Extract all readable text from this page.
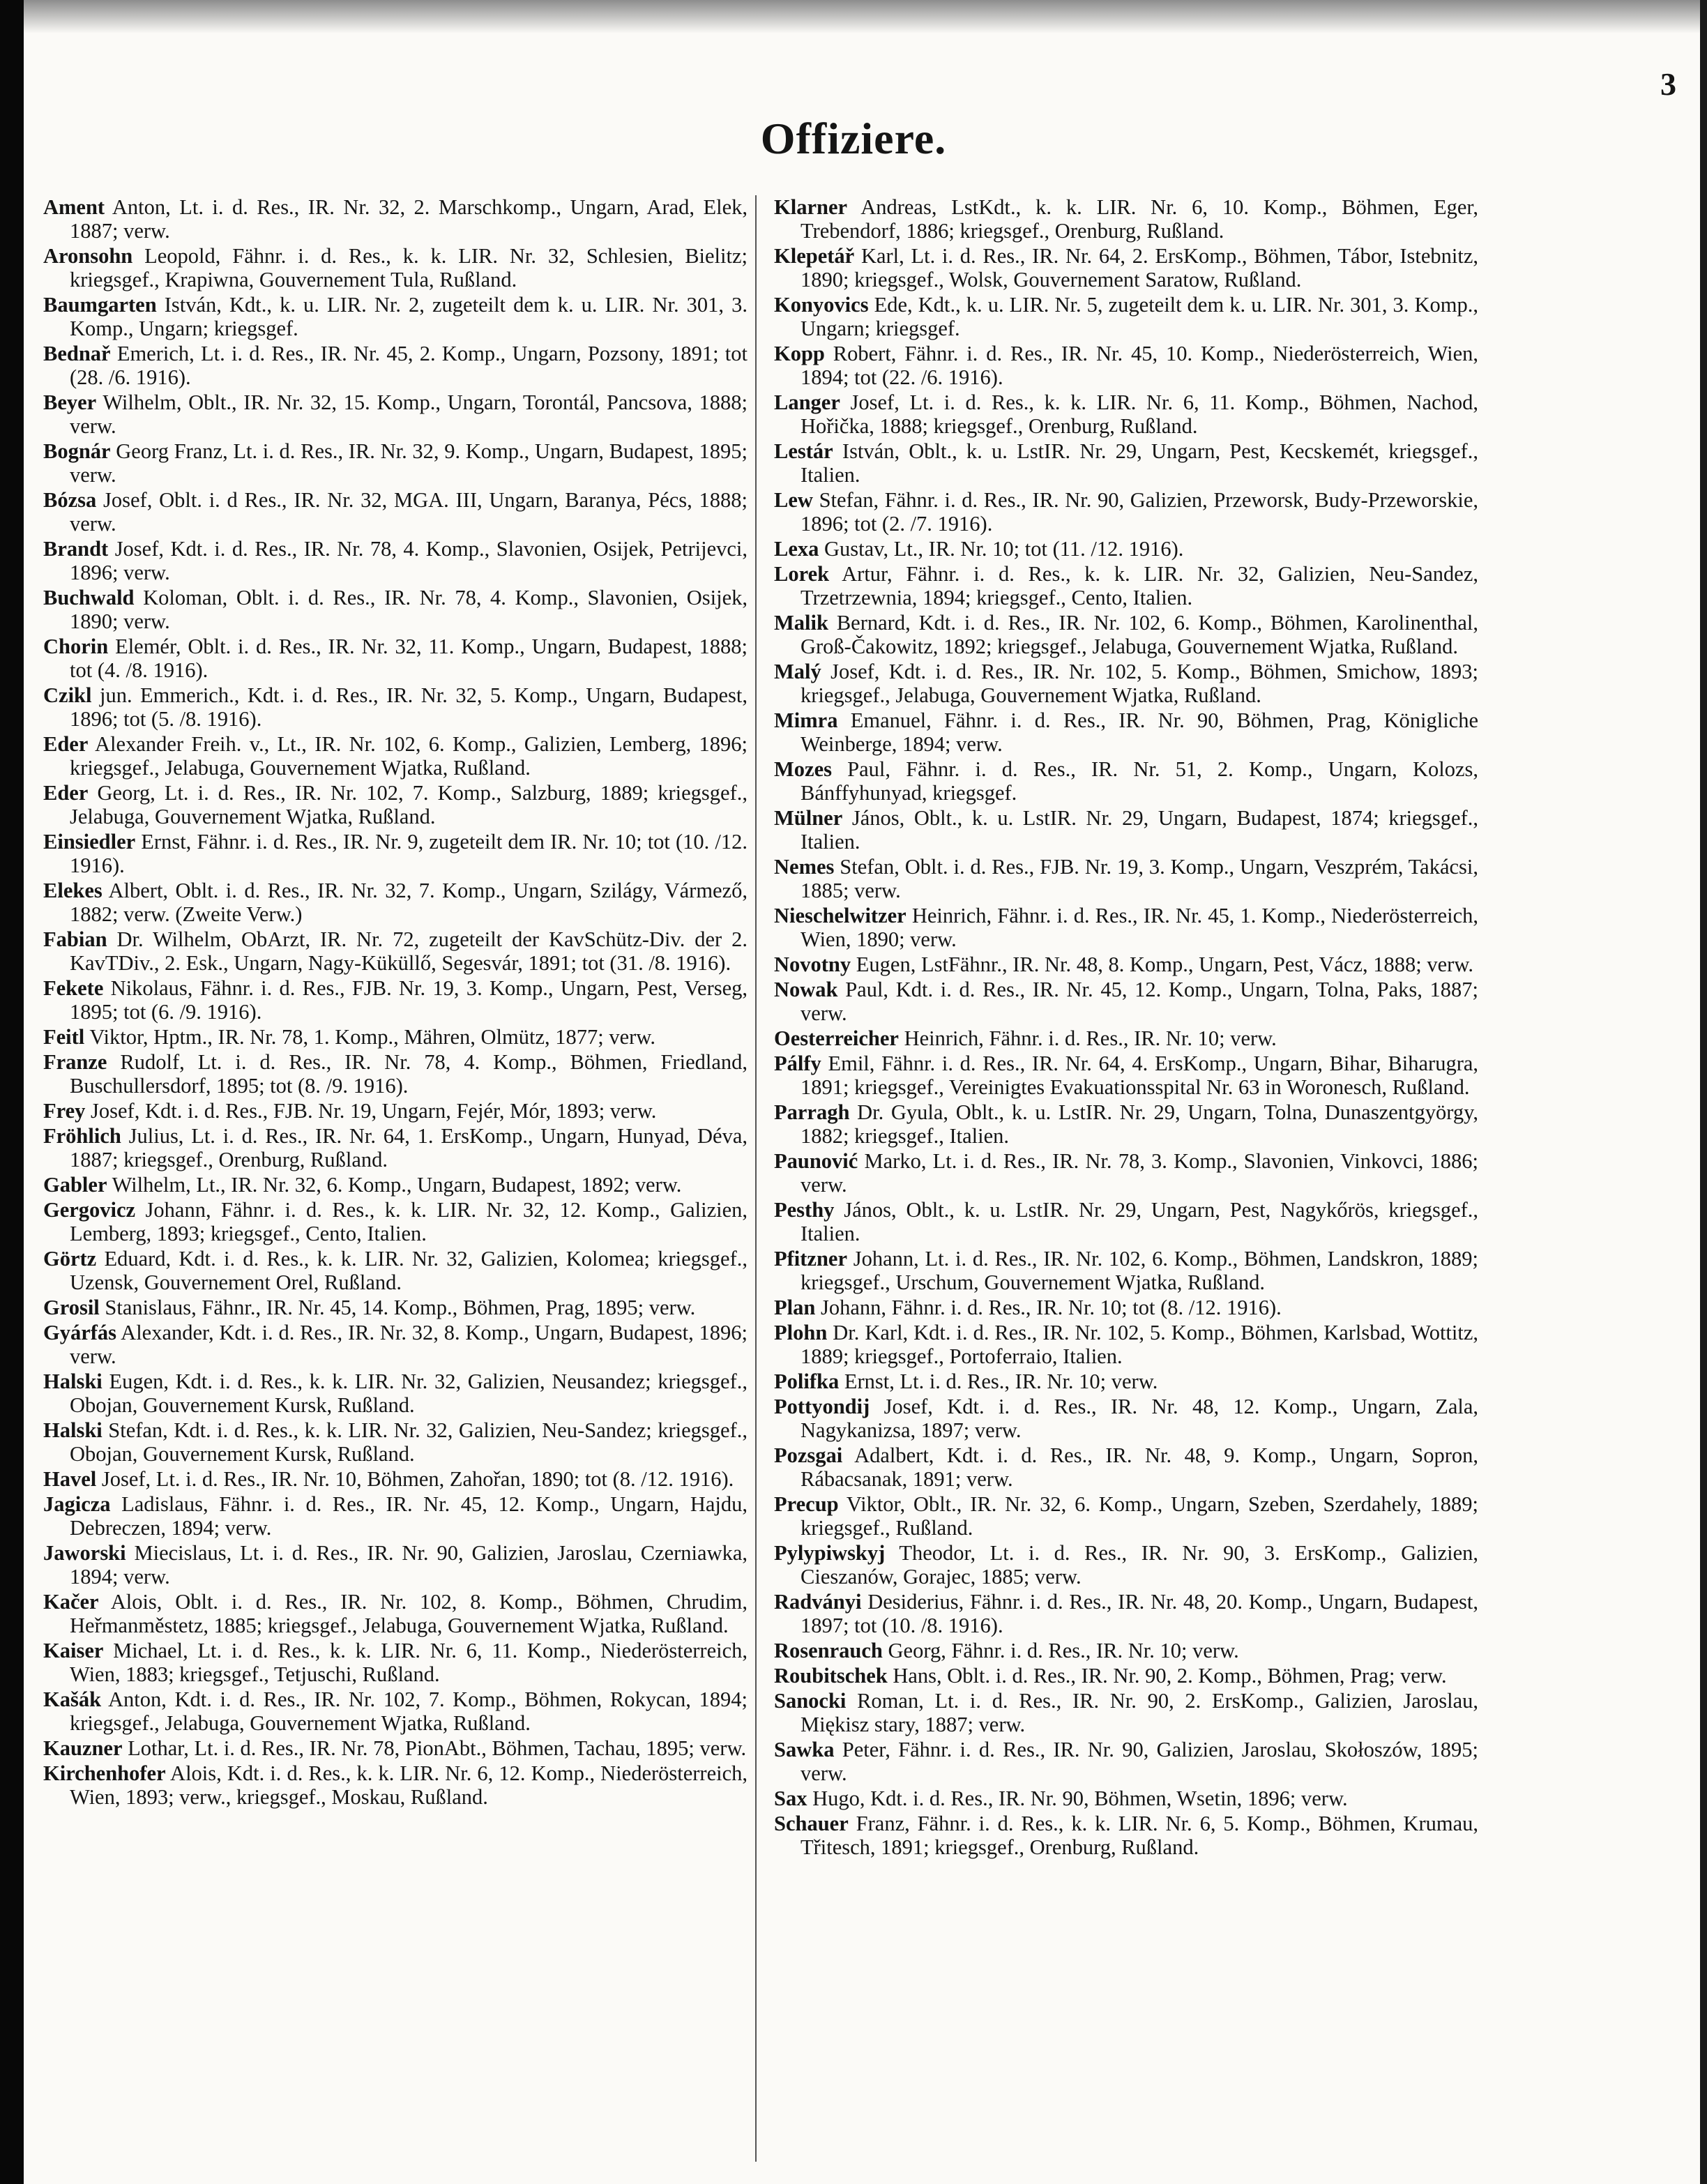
3
Offiziere.

Ament Anton, Lt. i. d. Res., IR. Nr. 32, 2. Marschkomp., Ungarn, Arad, Elek, 1887; verw.

Aronsohn Leopold, Fähnr. i. d. Res., k. k. LIR. Nr. 32, Schlesien, Bielitz; kriegsgef., Krapiwna, Gouvernement Tula, Rußland.

Baumgarten István, Kdt., k. u. LIR. Nr. 2, zugeteilt dem k. u. LIR. Nr. 301, 3. Komp., Ungarn; kriegsgef.

Bednař Emerich, Lt. i. d. Res., IR. Nr. 45, 2. Komp., Ungarn, Pozsony, 1891; tot (28. /6. 1916).

Beyer Wilhelm, Oblt., IR. Nr. 32, 15. Komp., Ungarn, Torontál, Pancsova, 1888; verw.

Bognár Georg Franz, Lt. i. d. Res., IR. Nr. 32, 9. Komp., Ungarn, Budapest, 1895; verw.

Bózsa Josef, Oblt. i. d Res., IR. Nr. 32, MGA. III, Ungarn, Baranya, Pécs, 1888; verw.

Brandt Josef, Kdt. i. d. Res., IR. Nr. 78, 4. Komp., Slavonien, Osijek, Petrijevci, 1896; verw.

Buchwald Koloman, Oblt. i. d. Res., IR. Nr. 78, 4. Komp., Slavonien, Osijek, 1890; verw.

Chorin Elemér, Oblt. i. d. Res., IR. Nr. 32, 11. Komp., Ungarn, Budapest, 1888; tot (4. /8. 1916).

Czikl jun. Emmerich., Kdt. i. d. Res., IR. Nr. 32, 5. Komp., Ungarn, Budapest, 1896; tot (5. /8. 1916).

Eder Alexander Freih. v., Lt., IR. Nr. 102, 6. Komp., Galizien, Lemberg, 1896; kriegsgef., Jelabuga, Gouvernement Wjatka, Rußland.

Eder Georg, Lt. i. d. Res., IR. Nr. 102, 7. Komp., Salzburg, 1889; kriegsgef., Jelabuga, Gouvernement Wjatka, Rußland.

Einsiedler Ernst, Fähnr. i. d. Res., IR. Nr. 9, zugeteilt dem IR. Nr. 10; tot (10. /12. 1916).

Elekes Albert, Oblt. i. d. Res., IR. Nr. 32, 7. Komp., Ungarn, Szilágy, Vármező, 1882; verw. (Zweite Verw.)

Fabian Dr. Wilhelm, ObArzt, IR. Nr. 72, zugeteilt der KavSchütz-Div. der 2. KavTDiv., 2. Esk., Ungarn, Nagy-Küküllő, Segesvár, 1891; tot (31. /8. 1916).

Fekete Nikolaus, Fähnr. i. d. Res., FJB. Nr. 19, 3. Komp., Ungarn, Pest, Verseg, 1895; tot (6. /9. 1916).

Feitl Viktor, Hptm., IR. Nr. 78, 1. Komp., Mähren, Olmütz, 1877; verw.

Franze Rudolf, Lt. i. d. Res., IR. Nr. 78, 4. Komp., Böhmen, Friedland, Buschullersdorf, 1895; tot (8. /9. 1916).

Frey Josef, Kdt. i. d. Res., FJB. Nr. 19, Ungarn, Fejér, Mór, 1893; verw.

Fröhlich Julius, Lt. i. d. Res., IR. Nr. 64, 1. ErsKomp., Ungarn, Hunyad, Déva, 1887; kriegsgef., Orenburg, Rußland.

Gabler Wilhelm, Lt., IR. Nr. 32, 6. Komp., Ungarn, Budapest, 1892; verw.

Gergovicz Johann, Fähnr. i. d. Res., k. k. LIR. Nr. 32, 12. Komp., Galizien, Lemberg, 1893; kriegsgef., Cento, Italien.

Görtz Eduard, Kdt. i. d. Res., k. k. LIR. Nr. 32, Galizien, Kolomea; kriegsgef., Uzensk, Gouvernement Orel, Rußland.

Grosil Stanislaus, Fähnr., IR. Nr. 45, 14. Komp., Böhmen, Prag, 1895; verw.

Gyárfás Alexander, Kdt. i. d. Res., IR. Nr. 32, 8. Komp., Ungarn, Budapest, 1896; verw.

Halski Eugen, Kdt. i. d. Res., k. k. LIR. Nr. 32, Galizien, Neusandez; kriegsgef., Obojan, Gouvernement Kursk, Rußland.

Halski Stefan, Kdt. i. d. Res., k. k. LIR. Nr. 32, Galizien, Neu-Sandez; kriegsgef., Obojan, Gouvernement Kursk, Rußland.

Havel Josef, Lt. i. d. Res., IR. Nr. 10, Böhmen, Zahořan, 1890; tot (8. /12. 1916).

Jagicza Ladislaus, Fähnr. i. d. Res., IR. Nr. 45, 12. Komp., Ungarn, Hajdu, Debreczen, 1894; verw.

Jaworski Miecislaus, Lt. i. d. Res., IR. Nr. 90, Galizien, Jaroslau, Czerniawka, 1894; verw.

Kačer Alois, Oblt. i. d. Res., IR. Nr. 102, 8. Komp., Böhmen, Chrudim, Heřmanměstetz, 1885; kriegsgef., Jelabuga, Gouvernement Wjatka, Rußland.

Kaiser Michael, Lt. i. d. Res., k. k. LIR. Nr. 6, 11. Komp., Niederösterreich, Wien, 1883; kriegsgef., Tetjuschi, Rußland.

Kašák Anton, Kdt. i. d. Res., IR. Nr. 102, 7. Komp., Böhmen, Rokycan, 1894; kriegsgef., Jelabuga, Gouvernement Wjatka, Rußland.

Kauzner Lothar, Lt. i. d. Res., IR. Nr. 78, PionAbt., Böhmen, Tachau, 1895; verw.

Kirchenhofer Alois, Kdt. i. d. Res., k. k. LIR. Nr. 6, 12. Komp., Niederösterreich, Wien, 1893; verw., kriegsgef., Moskau, Rußland.

Klarner Andreas, LstKdt., k. k. LIR. Nr. 6, 10. Komp., Böhmen, Eger, Trebendorf, 1886; kriegsgef., Orenburg, Rußland.

Klepetář Karl, Lt. i. d. Res., IR. Nr. 64, 2. ErsKomp., Böhmen, Tábor, Istebnitz, 1890; kriegsgef., Wolsk, Gouvernement Saratow, Rußland.

Konyovics Ede, Kdt., k. u. LIR. Nr. 5, zugeteilt dem k. u. LIR. Nr. 301, 3. Komp., Ungarn; kriegsgef.

Kopp Robert, Fähnr. i. d. Res., IR. Nr. 45, 10. Komp., Niederösterreich, Wien, 1894; tot (22. /6. 1916).

Langer Josef, Lt. i. d. Res., k. k. LIR. Nr. 6, 11. Komp., Böhmen, Nachod, Hořička, 1888; kriegsgef., Orenburg, Rußland.

Lestár István, Oblt., k. u. LstIR. Nr. 29, Ungarn, Pest, Kecskemét, kriegsgef., Italien.

Lew Stefan, Fähnr. i. d. Res., IR. Nr. 90, Galizien, Przeworsk, Budy-Przeworskie, 1896; tot (2. /7. 1916).

Lexa Gustav, Lt., IR. Nr. 10; tot (11. /12. 1916).

Lorek Artur, Fähnr. i. d. Res., k. k. LIR. Nr. 32, Galizien, Neu-Sandez, Trzetrzewnia, 1894; kriegsgef., Cento, Italien.

Malik Bernard, Kdt. i. d. Res., IR. Nr. 102, 6. Komp., Böhmen, Karolinenthal, Groß-Čakowitz, 1892; kriegsgef., Jelabuga, Gouvernement Wjatka, Rußland.

Malý Josef, Kdt. i. d. Res., IR. Nr. 102, 5. Komp., Böhmen, Smichow, 1893; kriegsgef., Jelabuga, Gouvernement Wjatka, Rußland.

Mimra Emanuel, Fähnr. i. d. Res., IR. Nr. 90, Böhmen, Prag, Königliche Weinberge, 1894; verw.

Mozes Paul, Fähnr. i. d. Res., IR. Nr. 51, 2. Komp., Ungarn, Kolozs, Bánffyhunyad, kriegsgef.

Mülner János, Oblt., k. u. LstIR. Nr. 29, Ungarn, Budapest, 1874; kriegsgef., Italien.

Nemes Stefan, Oblt. i. d. Res., FJB. Nr. 19, 3. Komp., Ungarn, Veszprém, Takácsi, 1885; verw.

Nieschelwitzer Heinrich, Fähnr. i. d. Res., IR. Nr. 45, 1. Komp., Niederösterreich, Wien, 1890; verw.

Novotny Eugen, LstFähnr., IR. Nr. 48, 8. Komp., Ungarn, Pest, Vácz, 1888; verw.

Nowak Paul, Kdt. i. d. Res., IR. Nr. 45, 12. Komp., Ungarn, Tolna, Paks, 1887; verw.

Oesterreicher Heinrich, Fähnr. i. d. Res., IR. Nr. 10; verw.

Pálfy Emil, Fähnr. i. d. Res., IR. Nr. 64, 4. ErsKomp., Ungarn, Bihar, Biharugra, 1891; kriegsgef., Vereinigtes Evakuationsspital Nr. 63 in Woronesch, Rußland.

Parragh Dr. Gyula, Oblt., k. u. LstIR. Nr. 29, Ungarn, Tolna, Dunaszentgyörgy, 1882; kriegsgef., Italien.

Paunović Marko, Lt. i. d. Res., IR. Nr. 78, 3. Komp., Slavonien, Vinkovci, 1886; verw.

Pesthy János, Oblt., k. u. LstIR. Nr. 29, Ungarn, Pest, Nagykőrös, kriegsgef., Italien.

Pfitzner Johann, Lt. i. d. Res., IR. Nr. 102, 6. Komp., Böhmen, Landskron, 1889; kriegsgef., Urschum, Gouvernement Wjatka, Rußland.

Plan Johann, Fähnr. i. d. Res., IR. Nr. 10; tot (8. /12. 1916).

Plohn Dr. Karl, Kdt. i. d. Res., IR. Nr. 102, 5. Komp., Böhmen, Karlsbad, Wottitz, 1889; kriegsgef., Portoferraio, Italien.

Polifka Ernst, Lt. i. d. Res., IR. Nr. 10; verw.

Pottyondij Josef, Kdt. i. d. Res., IR. Nr. 48, 12. Komp., Ungarn, Zala, Nagykanizsa, 1897; verw.

Pozsgai Adalbert, Kdt. i. d. Res., IR. Nr. 48, 9. Komp., Ungarn, Sopron, Rábacsanak, 1891; verw.

Precup Viktor, Oblt., IR. Nr. 32, 6. Komp., Ungarn, Szeben, Szerdahely, 1889; kriegsgef., Rußland.

Pylypiwskyj Theodor, Lt. i. d. Res., IR. Nr. 90, 3. ErsKomp., Galizien, Cieszanów, Gorajec, 1885; verw.

Radványi Desiderius, Fähnr. i. d. Res., IR. Nr. 48, 20. Komp., Ungarn, Budapest, 1897; tot (10. /8. 1916).

Rosenrauch Georg, Fähnr. i. d. Res., IR. Nr. 10; verw.

Roubitschek Hans, Oblt. i. d. Res., IR. Nr. 90, 2. Komp., Böhmen, Prag; verw.

Sanocki Roman, Lt. i. d. Res., IR. Nr. 90, 2. ErsKomp., Galizien, Jaroslau, Miękisz stary, 1887; verw.

Sawka Peter, Fähnr. i. d. Res., IR. Nr. 90, Galizien, Jaroslau, Skołoszów, 1895; verw.

Sax Hugo, Kdt. i. d. Res., IR. Nr. 90, Böhmen, Wsetin, 1896; verw.

Schauer Franz, Fähnr. i. d. Res., k. k. LIR. Nr. 6, 5. Komp., Böhmen, Krumau, Třitesch, 1891; kriegsgef., Orenburg, Rußland.
